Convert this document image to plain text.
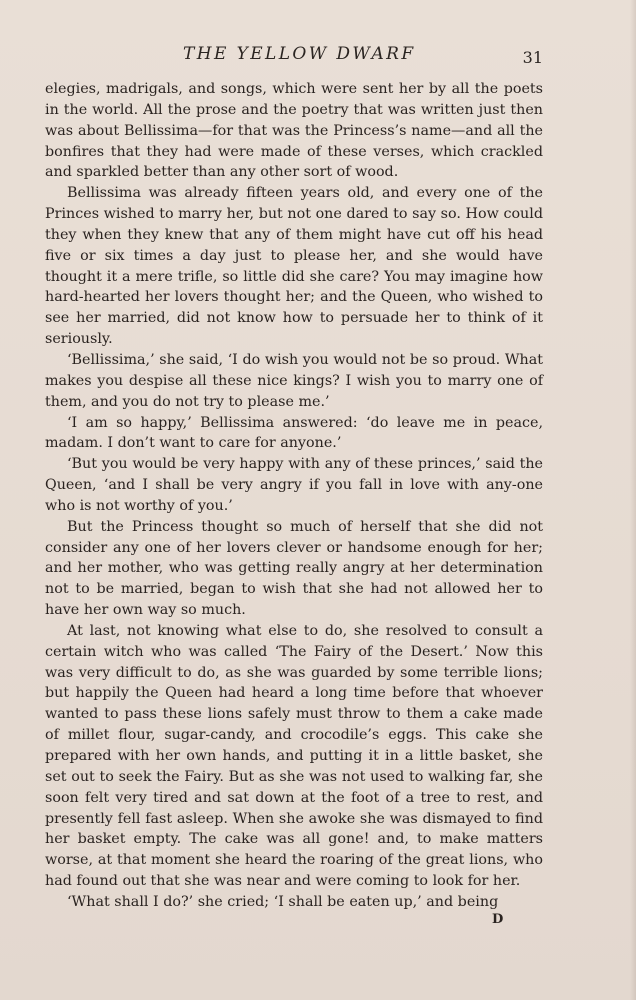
THE YELLOW DWARF	31

elegies, madrigals, and songs, which were sent her by all the poets in the world. All the prose and the poetry that was written just then was about Bellissima—for that was the Princess’s name—and all the bonfires that they had were made of these verses, which crackled and sparkled better than any other sort of wood.

Bellissima was already fifteen years old, and every one of the Princes wished to marry her, but not one dared to say so. How could they when they knew that any of them might have cut off his head five or six times a day just to please her, and she would have thought it a mere trifle, so little did she care? You may imagine how hard-hearted her lovers thought her; and the Queen, who wished to see her married, did not know how to persuade her to think of it seriously.

‘Bellissima,’ she said, ‘I do wish you would not be so proud. What makes you despise all these nice kings? I wish you to marry one of them, and you do not try to please me.’

‘I am so happy,’ Bellissima answered: ‘do leave me in peace, madam. I don’t want to care for anyone.’

‘But you would be very happy with any of these princes,’ said the Queen, ‘and I shall be very angry if you fall in love with any-one who is not worthy of you.’

But the Princess thought so much of herself that she did not consider any one of her lovers clever or handsome enough for her; and her mother, who was getting really angry at her determination not to be married, began to wish that she had not allowed her to have her own way so much.

At last, not knowing what else to do, she resolved to consult a certain witch who was called ‘The Fairy of the Desert.’ Now this was very difficult to do, as she was guarded by some terrible lions; but happily the Queen had heard a long time before that whoever wanted to pass these lions safely must throw to them a cake made of millet flour, sugar-candy, and crocodile’s eggs. This cake she prepared with her own hands, and putting it in a little basket, she set out to seek the Fairy. But as she was not used to walking far, she soon felt very tired and sat down at the foot of a tree to rest, and presently fell fast asleep. When she awoke she was dismayed to find her basket empty. The cake was all gone! and, to make matters worse, at that moment she heard the roaring of the great lions, who had found out that she was near and were coming to look for her.

‘What shall I do?’ she cried; ‘I shall be eaten up,’ and being

D
